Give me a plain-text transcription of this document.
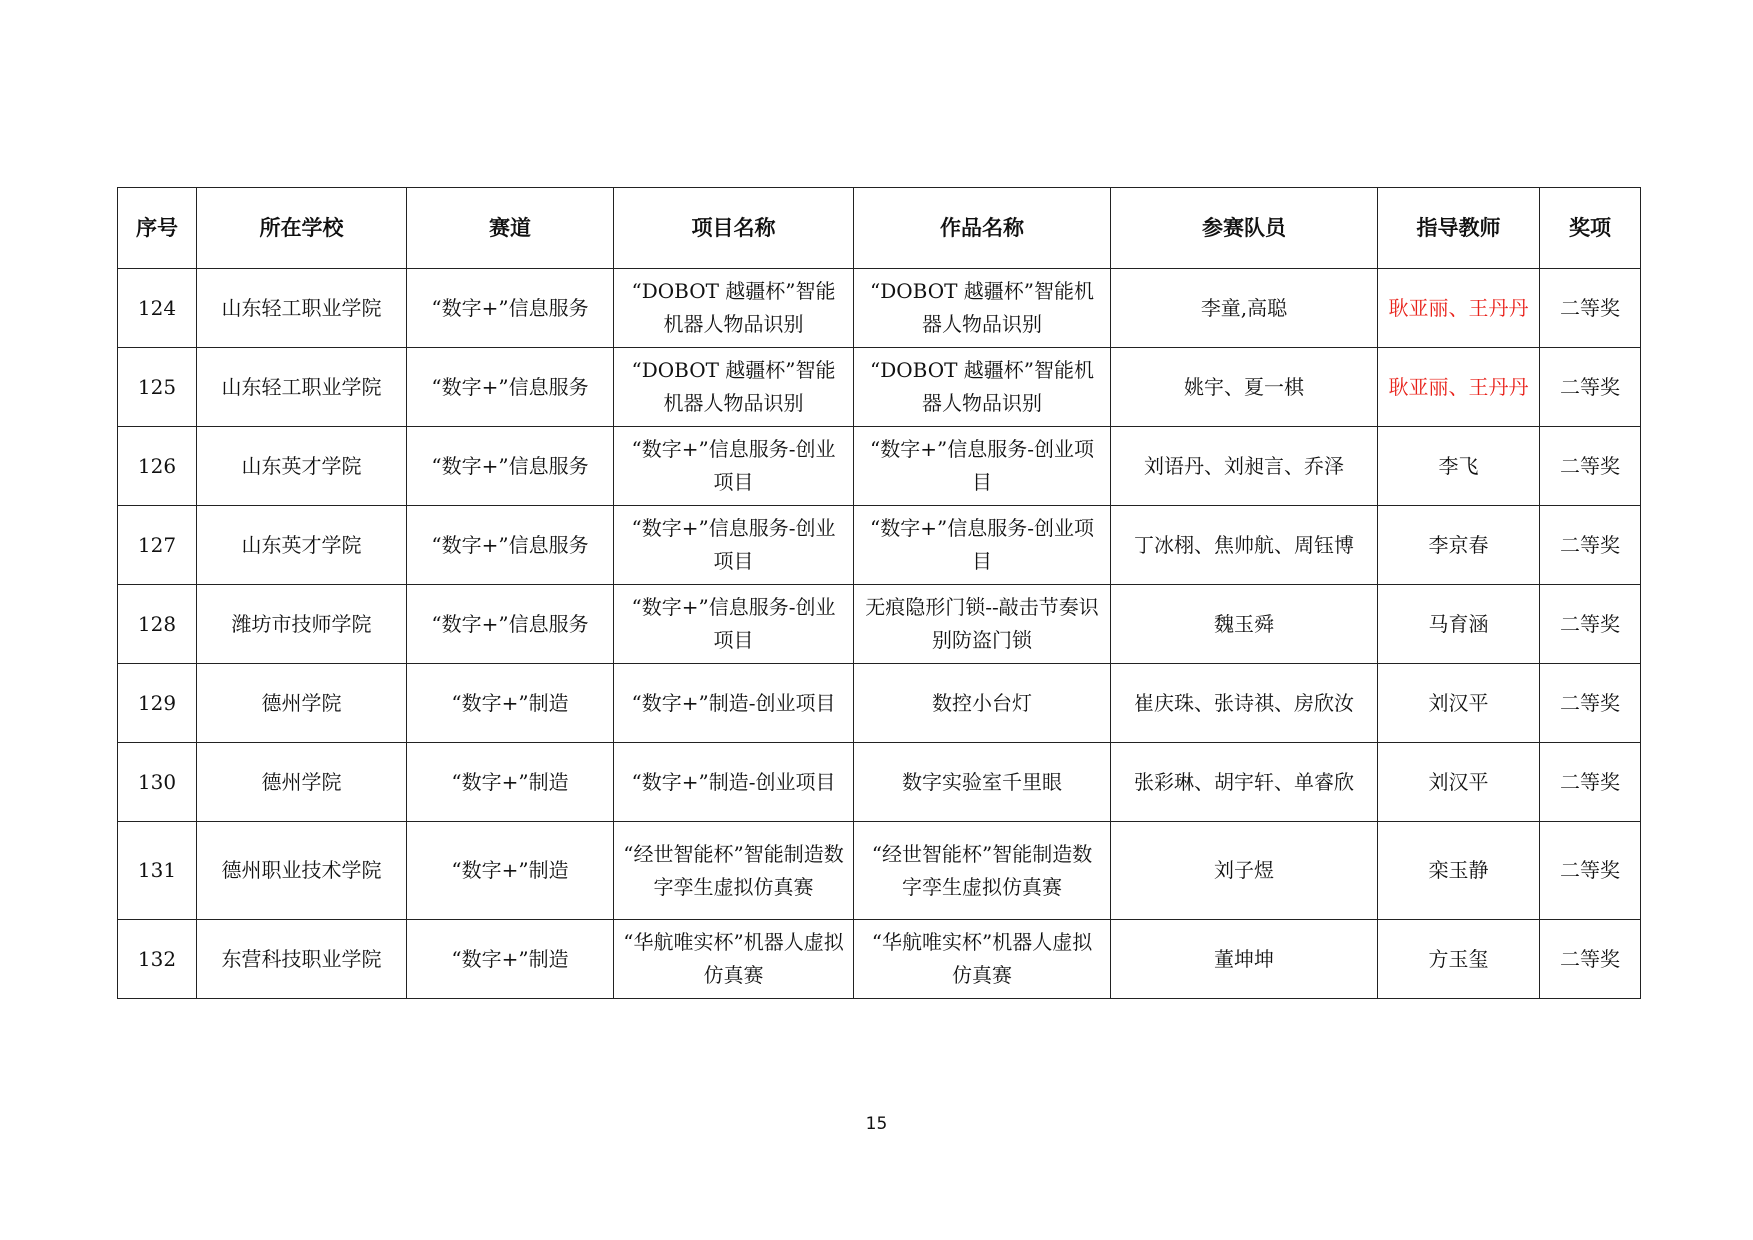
序号	所在学校	赛道	项目名称	作品名称	参赛队员	指导教师	奖项
124	山东轻工职业学院	“数字+”信息服务	“DOBOT 越疆杯”智能机器人物品识别	“DOBOT 越疆杯”智能机器人物品识别	李童,高聪	耿亚丽、王丹丹	二等奖
125	山东轻工职业学院	“数字+”信息服务	“DOBOT 越疆杯”智能机器人物品识别	“DOBOT 越疆杯”智能机器人物品识别	姚宇、夏一棋	耿亚丽、王丹丹	二等奖
126	山东英才学院	“数字+”信息服务	“数字+”信息服务-创业项目	“数字+”信息服务-创业项目	刘语丹、刘昶言、乔泽	李飞	二等奖
127	山东英才学院	“数字+”信息服务	“数字+”信息服务-创业项目	“数字+”信息服务-创业项目	丁冰栩、焦帅航、周钰博	李京春	二等奖
128	潍坊市技师学院	“数字+”信息服务	“数字+”信息服务-创业项目	无痕隐形门锁--敲击节奏识别防盗门锁	魏玉舜	马育涵	二等奖
129	德州学院	“数字+”制造	“数字+”制造-创业项目	数控小台灯	崔庆珠、张诗祺、房欣汝	刘汉平	二等奖
130	德州学院	“数字+”制造	“数字+”制造-创业项目	数字实验室千里眼	张彩琳、胡宇轩、单睿欣	刘汉平	二等奖
131	德州职业技术学院	“数字+”制造	“经世智能杯”智能制造数字孪生虚拟仿真赛	“经世智能杯”智能制造数字孪生虚拟仿真赛	刘子煜	栾玉静	二等奖
132	东营科技职业学院	“数字+”制造	“华航唯实杯”机器人虚拟仿真赛	“华航唯实杯”机器人虚拟仿真赛	董坤坤	方玉玺	二等奖
15
